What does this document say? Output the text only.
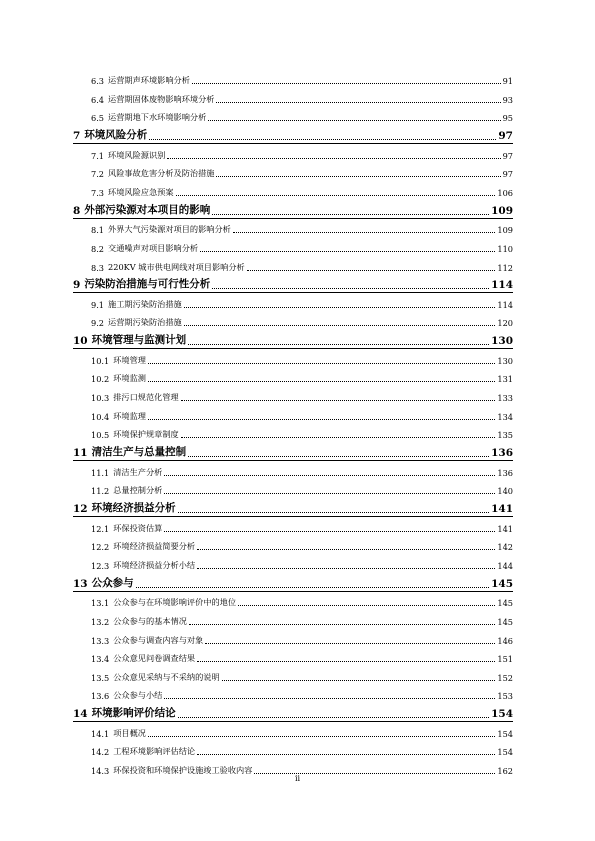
6.3 运营期声环境影响分析	91
6.4 运营期固体废物影响环境分析	93
6.5 运营期地下水环境影响分析	95
7 环境风险分析	97
7.1 环境风险源识别	97
7.2 风险事故危害分析及防治措施	97
7.3 环境风险应急预案	106
8 外部污染源对本项目的影响	109
8.1 外界大气污染源对项目的影响分析	109
8.2 交通噪声对项目影响分析	110
8.3 220KV 城市供电网线对项目影响分析	112
9 污染防治措施与可行性分析	114
9.1 施工期污染防治措施	114
9.2 运营期污染防治措施	120
10 环境管理与监测计划	130
10.1 环境管理	130
10.2 环境监测	131
10.3 排污口规范化管理	133
10.4 环境监理	134
10.5 环境保护规章制度	135
11 清洁生产与总量控制	136
11.1 清洁生产分析	136
11.2 总量控制分析	140
12 环境经济损益分析	141
12.1 环保投资估算	141
12.2 环境经济损益简要分析	142
12.3 环境经济损益分析小结	144
13 公众参与	145
13.1 公众参与在环境影响评价中的地位	145
13.2 公众参与的基本情况	145
13.3 公众参与调查内容与对象	146
13.4 公众意见问卷调查结果	151
13.5 公众意见采纳与不采纳的说明	152
13.6 公众参与小结	153
14 环境影响评价结论	154
14.1 项目概况	154
14.2 工程环境影响评估结论	154
14.3 环保投资和环境保护设施竣工验收内容	162
ii
